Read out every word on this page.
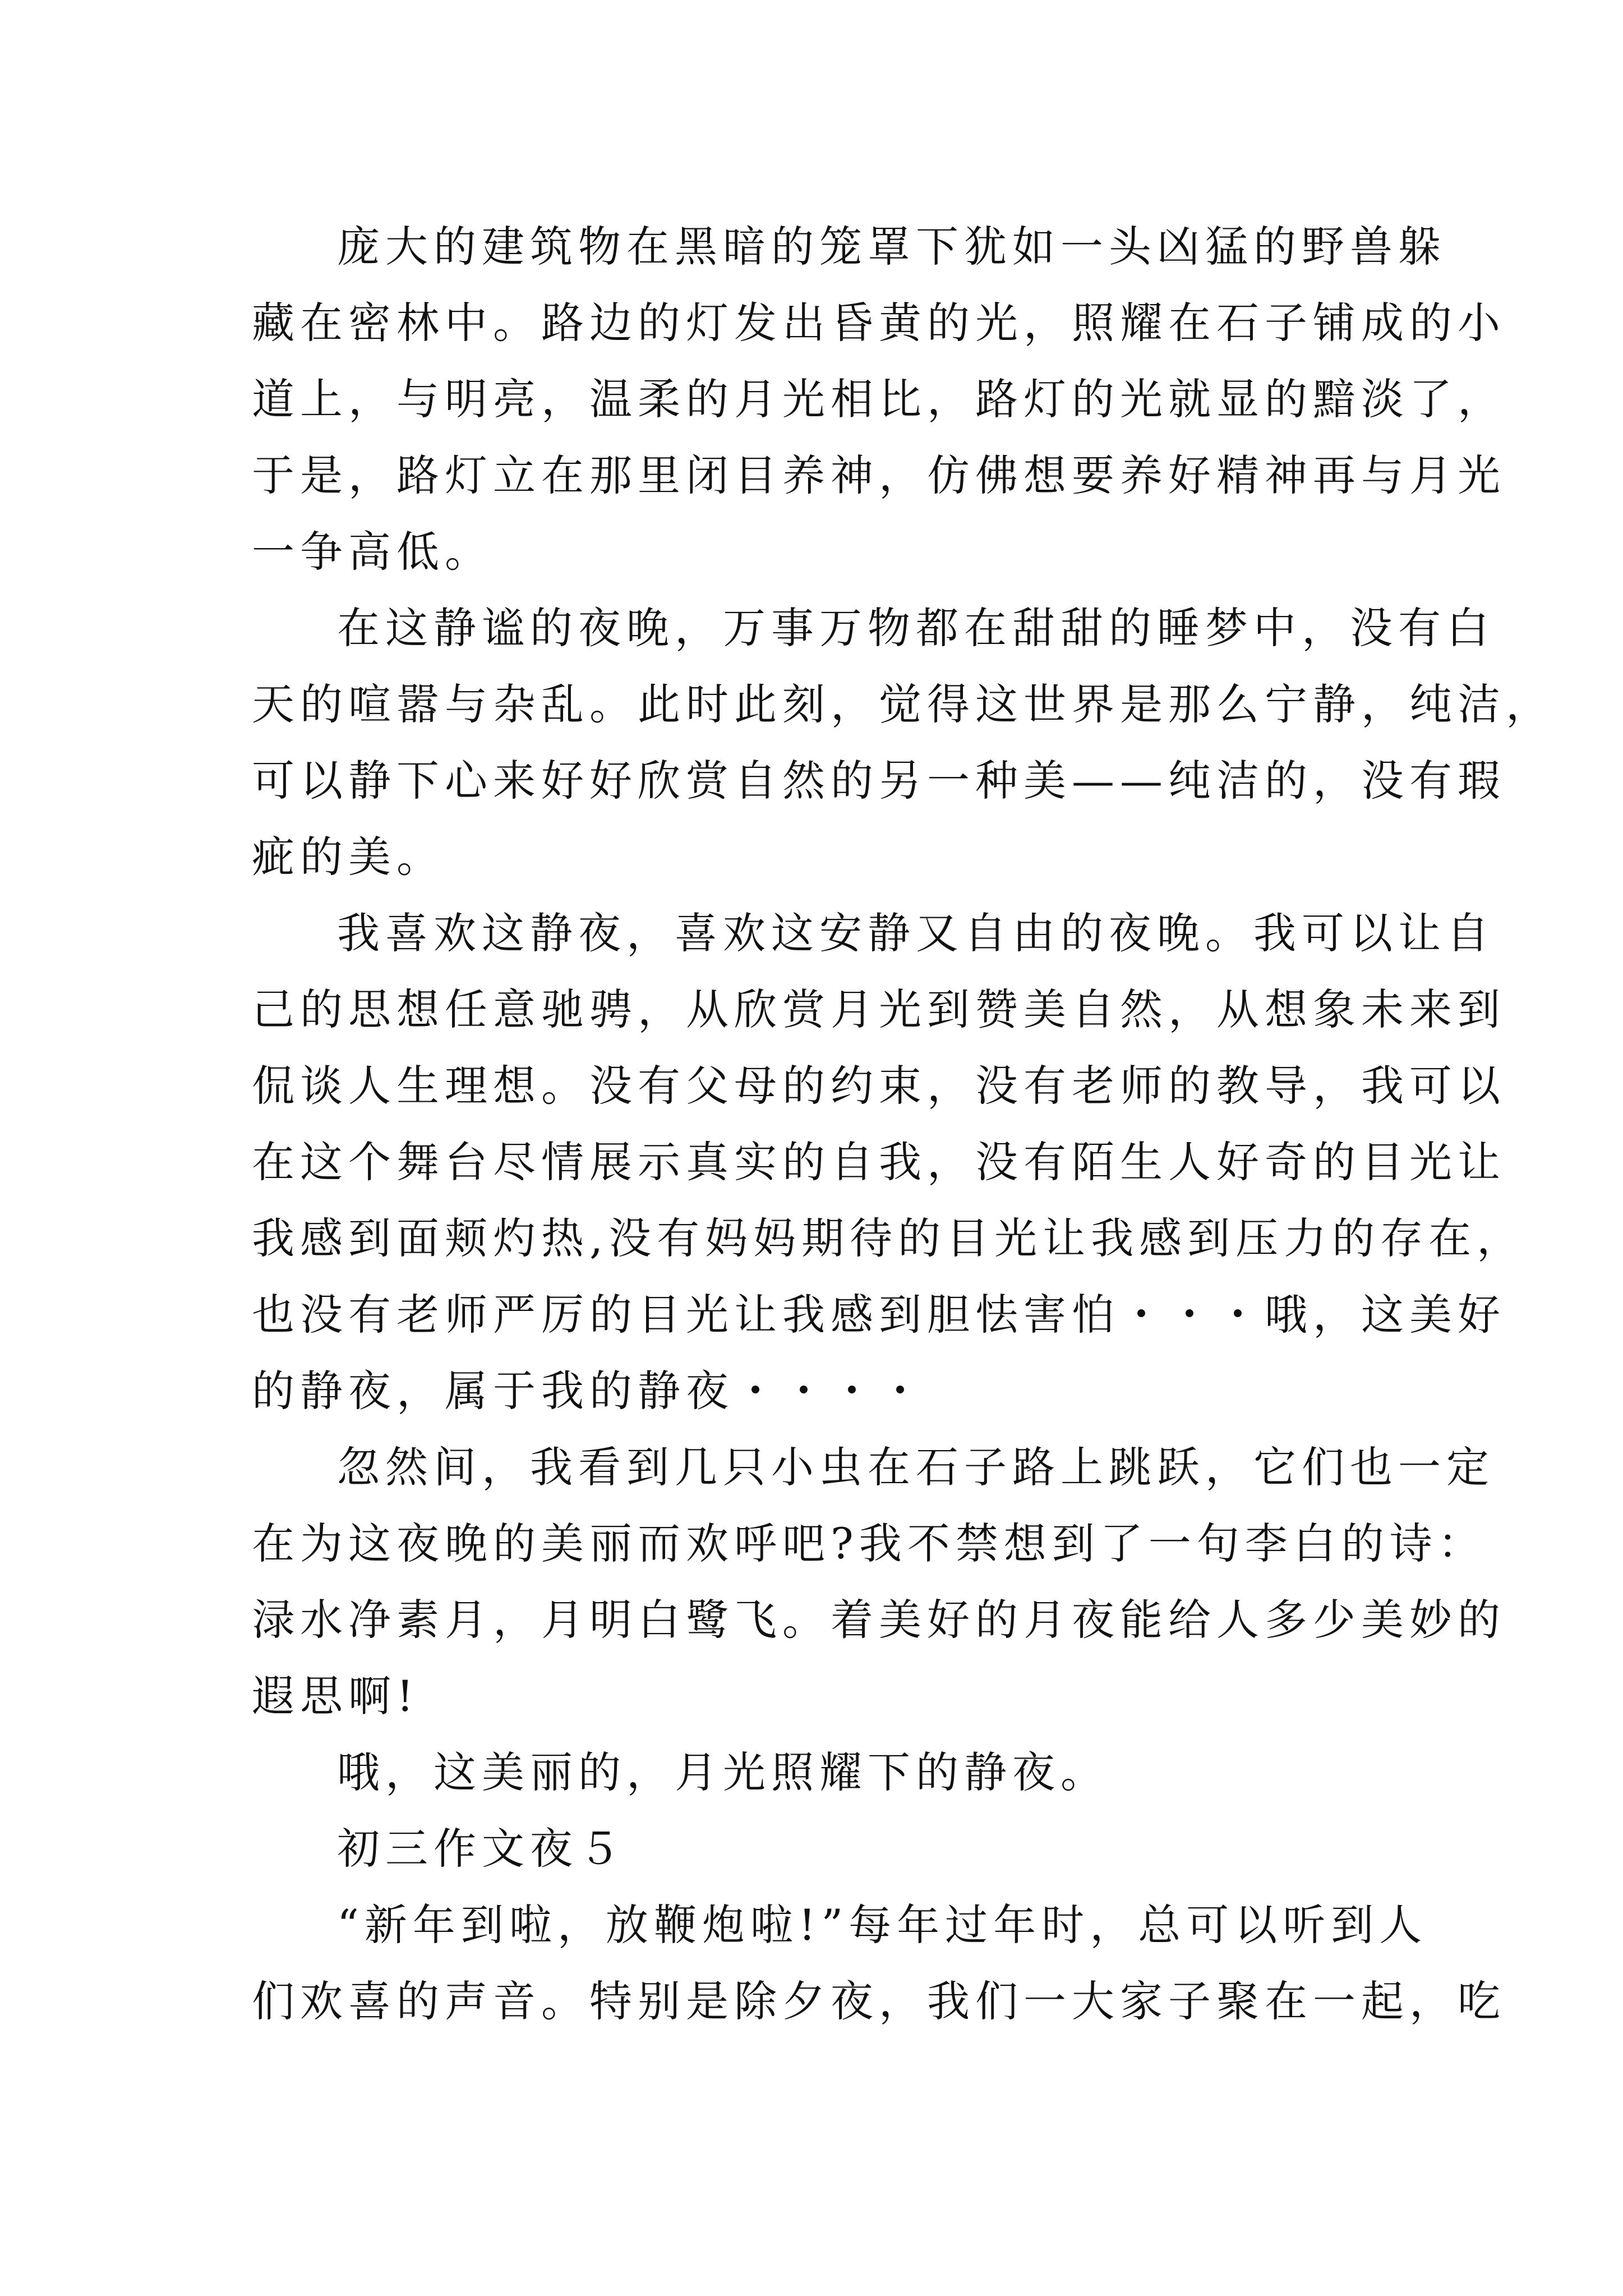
庞大的建筑物在黑暗的笼罩下犹如一头凶猛的野兽躲
藏在密林中。路边的灯发出昏黄的光，照耀在石子铺成的小
道上，与明亮，温柔的月光相比，路灯的光就显的黯淡了，
于是，路灯立在那里闭目养神，仿佛想要养好精神再与月光
一争高低。
在这静谧的夜晚，万事万物都在甜甜的睡梦中，没有白
天的喧嚣与杂乱。此时此刻，觉得这世界是那么宁静，纯洁，
可以静下心来好好欣赏自然的另一种美——纯洁的，没有瑕
疵的美。
我喜欢这静夜，喜欢这安静又自由的夜晚。我可以让自
己的思想任意驰骋，从欣赏月光到赞美自然，从想象未来到
侃谈人生理想。没有父母的约束，没有老师的教导，我可以
在这个舞台尽情展示真实的自我，没有陌生人好奇的目光让
我感到面颊灼热,没有妈妈期待的目光让我感到压力的存在，
也没有老师严厉的目光让我感到胆怯害怕・・・哦，这美好
的静夜，属于我的静夜・・・・
忽然间，我看到几只小虫在石子路上跳跃，它们也一定
在为这夜晚的美丽而欢呼吧?我不禁想到了一句李白的诗：
渌水净素月，月明白鹭飞。着美好的月夜能给人多少美妙的
遐思啊!
哦，这美丽的，月光照耀下的静夜。
初三作文夜５
“新年到啦，放鞭炮啦!”每年过年时，总可以听到人
们欢喜的声音。特别是除夕夜，我们一大家子聚在一起，吃
